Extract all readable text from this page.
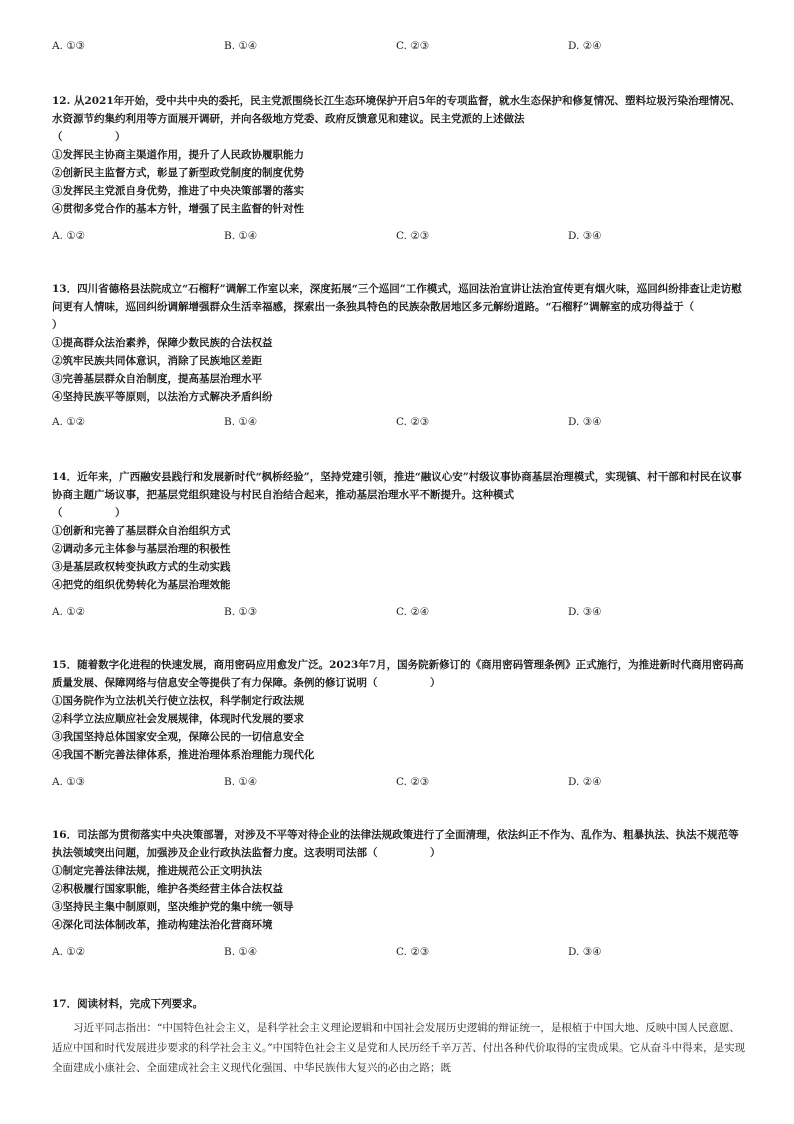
A. ①③	B. ①④	C. ②③	D. ②④

12. 从2021年开始，受中共中央的委托，民主党派围绕长江生态环境保护开启5年的专项监督，就水生态保护和修复情况、塑料垃圾污染治理情况、水资源节约集约利用等方面展开调研，并向各级地方党委、政府反馈意见和建议。民主党派的上述做法

（　　　　　）

①发挥民主协商主渠道作用，提升了人民政协履职能力

②创新民主监督方式，彰显了新型政党制度的制度优势

③发挥民主党派自身优势，推进了中央决策部署的落实

④贯彻多党合作的基本方针，增强了民主监督的针对性

A. ①②	B. ①④	C. ②③	D. ③④

13．四川省德格县法院成立“石榴籽”调解工作室以来，深度拓展“三个巡回”工作模式，巡回法治宣讲让法治宣传更有烟火味，巡回纠纷排查让走访慰问更有人情味，巡回纠纷调解增强群众生活幸福感，探索出一条独具特色的民族杂散居地区多元解纷道路。“石榴籽”调解室的成功得益于（　　　　　）

①提高群众法治素养，保障少数民族的合法权益

②筑牢民族共同体意识，消除了民族地区差距

③完善基层群众自治制度，提高基层治理水平

④坚持民族平等原则，以法治方式解决矛盾纠纷

A. ①②	B. ①④	C. ②③	D. ③④

14．近年来，广西融安县践行和发展新时代“枫桥经验”，坚持党建引领，推进“融议心安”村级议事协商基层治理模式，实现镇、村干部和村民在议事协商主题广场议事，把基层党组织建设与村民自治结合起来，推动基层治理水平不断提升。这种模式

（　　　　　）

①创新和完善了基层群众自治组织方式

②调动多元主体参与基层治理的积极性

③是基层政权转变执政方式的生动实践

④把党的组织优势转化为基层治理效能

A. ①②	B. ①③	C. ②④	D. ③④

15．随着数字化进程的快速发展，商用密码应用愈发广泛。2023年7月，国务院新修订的《商用密码管理条例》正式施行，为推进新时代商用密码高质量发展、保障网络与信息安全等提供了有力保障。条例的修订说明（　　　　　）

①国务院作为立法机关行使立法权，科学制定行政法规

②科学立法应顺应社会发展规律，体现时代发展的要求

③我国坚持总体国家安全观，保障公民的一切信息安全

④我国不断完善法律体系，推进治理体系治理能力现代化

A. ①③	B. ①④	C. ②③	D. ②④

16．司法部为贯彻落实中央决策部署，对涉及不平等对待企业的法律法规政策进行了全面清理，依法纠正不作为、乱作为、粗暴执法、执法不规范等执法领域突出问题，加强涉及企业行政执法监督力度。这表明司法部（　　　　　）

①制定完善法律法规，推进规范公正文明执法

②积极履行国家职能，维护各类经营主体合法权益

③坚持民主集中制原则，坚决维护党的集中统一领导

④深化司法体制改革，推动构建法治化营商环境

A. ①②	B. ①④	C. ②③	D. ③④

17．阅读材料，完成下列要求。

习近平同志指出：“中国特色社会主义，是科学社会主义理论逻辑和中国社会发展历史逻辑的辩证统一，是根植于中国大地、反映中国人民意愿、适应中国和时代发展进步要求的科学社会主义。”中国特色社会主义是党和人民历经千辛万苦、付出各种代价取得的宝贵成果。它从奋斗中得来，是实现全面建成小康社会、全面建成社会主义现代化强国、中华民族伟大复兴的必由之路；既
